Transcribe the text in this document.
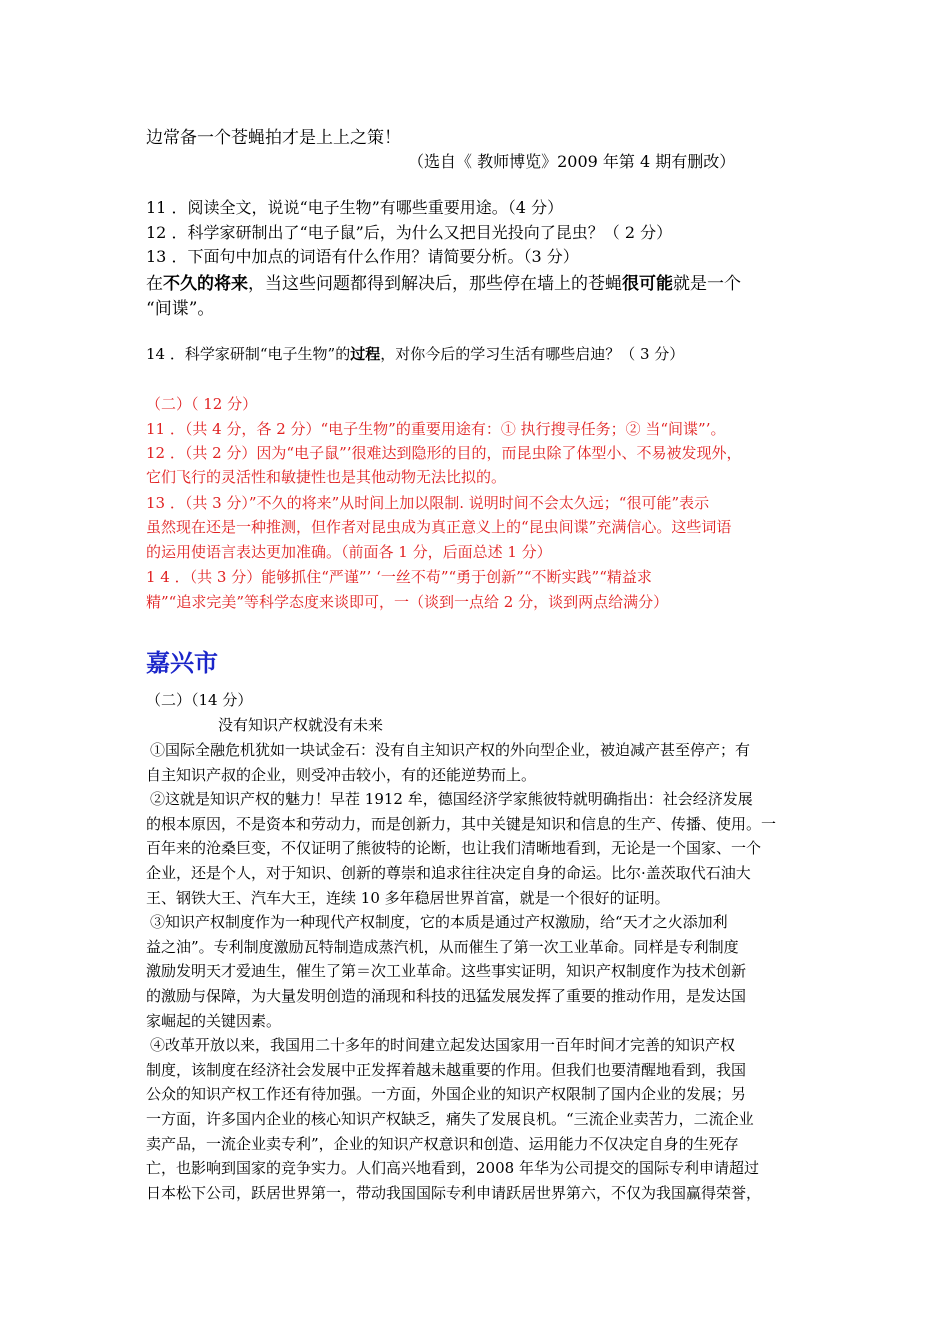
边常备一个苍蝇拍才是上上之策！
（选自《 教师博览》2009 年第 4 期有删改）
11 ．阅读全文，说说“电子生物”有哪些重要用途。（4 分）
12 ．科学家研制出了“电子鼠”后，为什么又把目光投向了昆虫？（ 2 分）
13 ．下面句中加点的词语有什么作用？请简要分析。（3 分）
在不久的将来，当这些问题都得到解决后，那些停在墙上的苍蝇很可能就是一个
“间谍”。
14 ．科学家研制“电子生物”的过程，对你今后的学习生活有哪些启迪？（ 3 分）
（二）（ 12 分）
11 ．（共 4 分，各 2 分）“电子生物”的重要用途有：① 执行搜寻任务；② 当“间谍”’。
12 ．（共 2 分）因为“电子鼠”’很难达到隐形的目的，而昆虫除了体型小、不易被发现外，
它们飞行的灵活性和敏捷性也是其他动物无法比拟的。
13 ．（共 3 分）”不久的将来”从时间上加以限制. 说明时间不会太久远；“很可能”表示
虽然现在还是一种推测，但作者对昆虫成为真正意义上的“昆虫间谍”充满信心。这些词语
的运用使语言表达更加准确。（前面各 1 分，后面总述 1 分）
1 4 ．（共 3 分）能够抓住“严谨”’ ‘一丝不苟”“勇于创新”“不断实践”“精益求
精”“追求完美”等科学态度来谈即可，一（谈到一点给 2 分，谈到两点给满分）
嘉兴市
（二）（14 分）
没有知识产权就没有未来
①国际全融危机犹如一块试金石：没有自主知识产权的外向型企业，被迫减产甚至停产；有
自主知识产叔的企业，则受冲击较小，有的还能逆势而上。
②这就是知识产权的魅力！早茬 1912 牟，德国经济学家熊彼特就明确指出：社会经济发展
的根本原因，不是资本和劳动力，而是创新力，其中关键是知识和信息的生产、传播、使用。一
百年来的沧桑巨变，不仅证明了熊彼特的论断，也让我们清晰地看到，无论是一个国家、一个
企业，还是个人，对于知识、创新的尊崇和追求往往决定自身的命运。比尔·盖茨取代石油大
王、钢铁大王、汽车大王，连续 10 多年稳居世界首富，就是一个很好的证明。
③知识产权制度作为一种现代产权制度，它的本质是通过产权激励，给“天才之火添加利
益之油”。专利制度激励瓦特制造成蒸汽机，从而催生了第一次工业革命。同样是专利制度
激励发明天才爱迪生，催生了第＝次工业革命。这些事实证明，知识产权制度作为技术创新
的激励与保障，为大量发明创造的涌现和科技的迅猛发展发挥了重要的推动作用，是发达国
家崛起的关键因素。
④改革开放以来，我国用二十多年的时间建立起发达国家用一百年时间才完善的知识产权
制度，该制度在经济社会发展中正发挥着越未越重要的作用。但我们也要清醒地看到，我国
公众的知识产权工作还有待加强。一方面，外国企业的知识产权限制了国内企业的发展；另
一方面，许多国内企业的核心知识产权缺乏，痛失了发展良机。“三流企业卖苦力，二流企业
卖产品，一流企业卖专利”，企业的知识产权意识和创造、运用能力不仅决定自身的生死存
亡，也影响到国家的竞争实力。人们高兴地看到，2008 年华为公司提交的国际专利申请超过
日本松下公司，跃居世界第一，带动我国国际专利申请跃居世界第六，不仅为我国赢得荣誉，
